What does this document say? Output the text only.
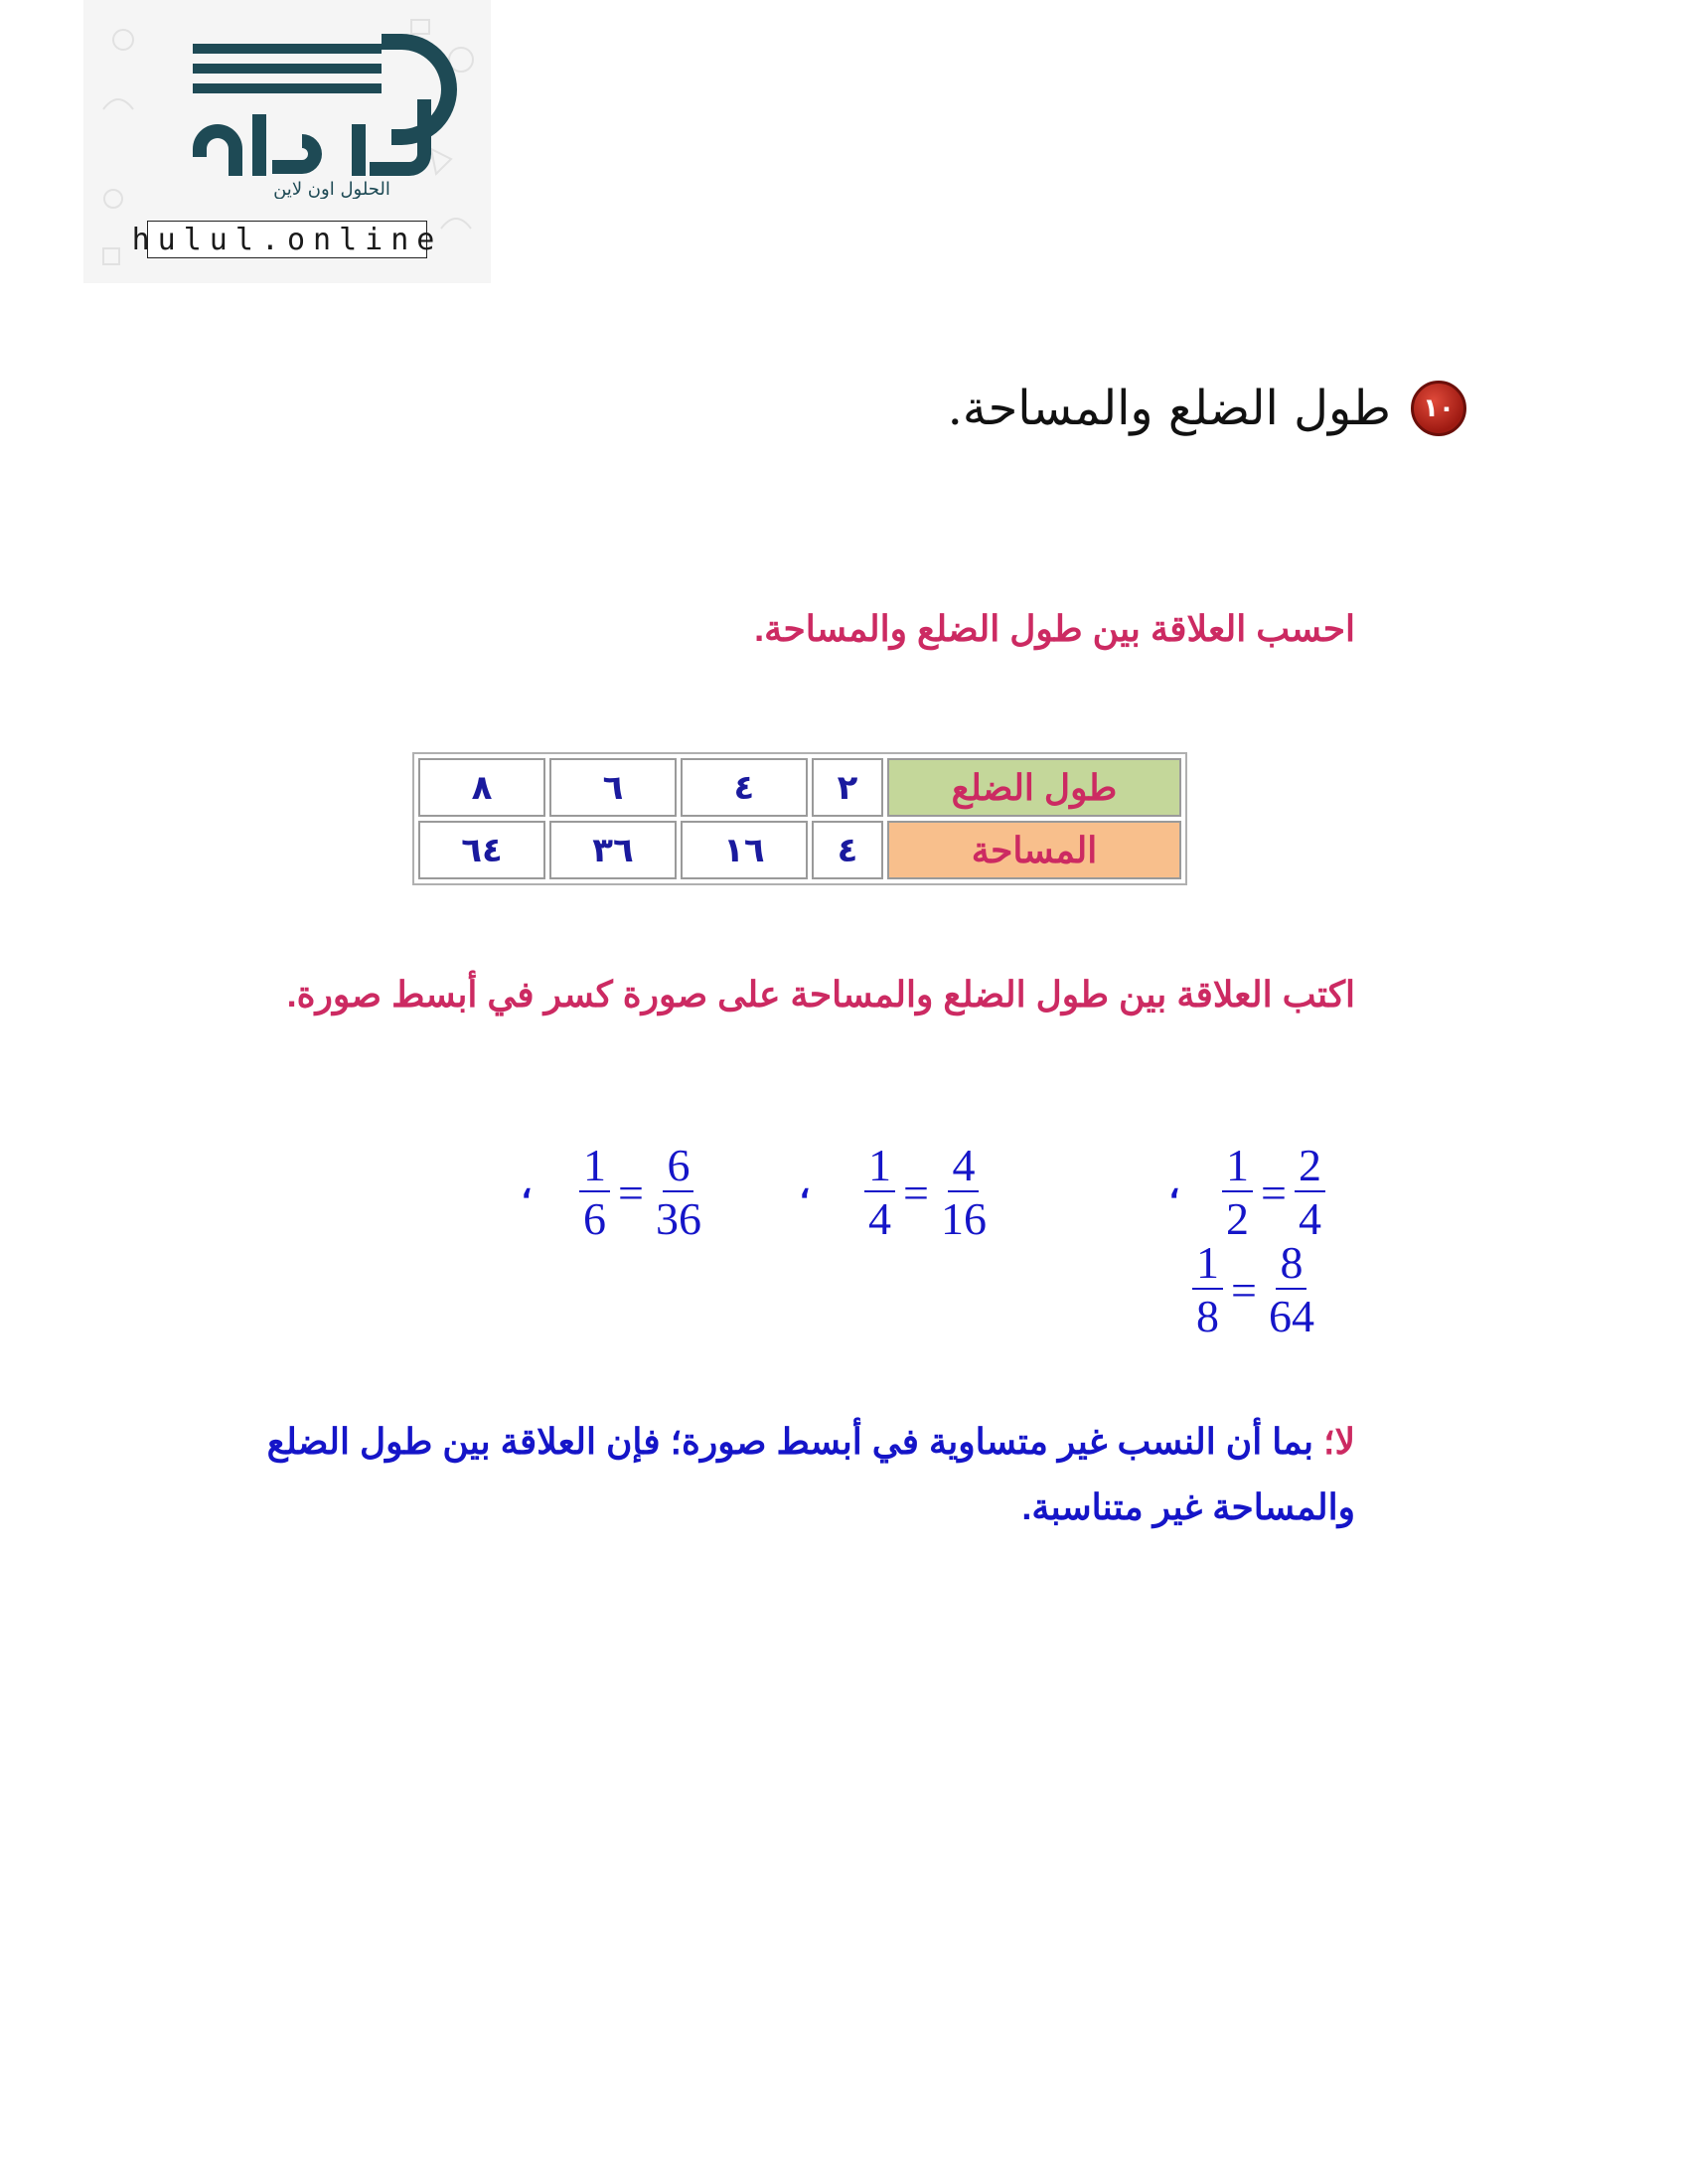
الحلول اون لاين
hulul.online
١٠
طول الضلع والمساحة.
احسب العلاقة بين طول الضلع والمساحة.
طول الضلع	٢	٤	٦	٨
المساحة	٤	١٦	٣٦	٦٤
اكتب العلاقة بين طول الضلع والمساحة على صورة كسر في أبسط صورة.
$\frac{1}{2} = \frac{2}{4}$
،
$\frac{1}{4} = \frac{4}{16}$
،
$\frac{1}{6} = \frac{6}{36}$
،
$\frac{1}{8} = \frac{8}{64}$
لا؛ بما أن النسب غير متساوية في أبسط صورة؛ فإن العلاقة بين طول الضلع والمساحة غير متناسبة.
